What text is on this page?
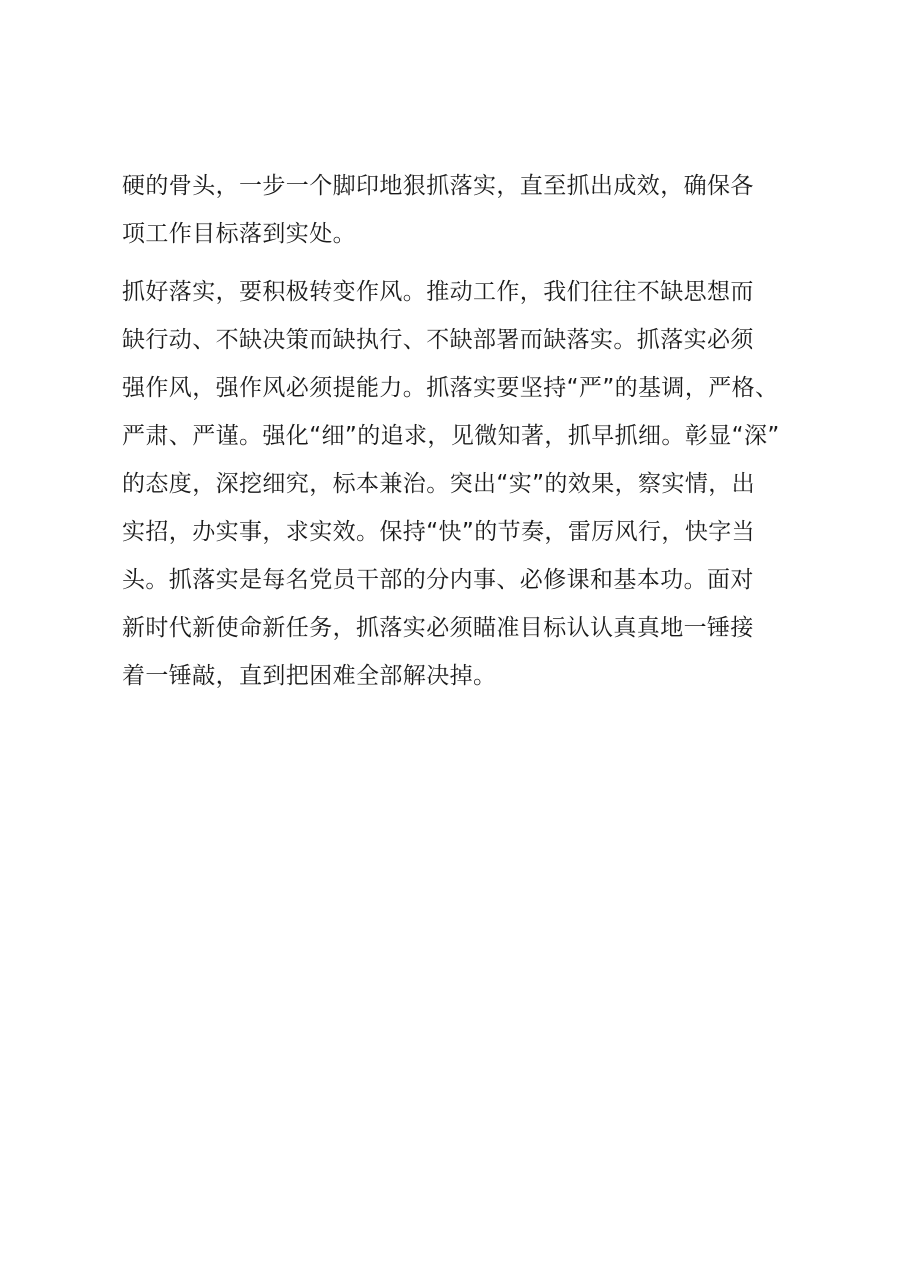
硬的骨头，一步一个脚印地狠抓落实，直至抓出成效，确保各
项工作目标落到实处。

抓好落实，要积极转变作风。推动工作，我们往往不缺思想而
缺行动、不缺决策而缺执行、不缺部署而缺落实。抓落实必须
强作风，强作风必须提能力。抓落实要坚持“严”的基调，严格、
严肃、严谨。强化“细”的追求，见微知著，抓早抓细。彰显“深”
的态度，深挖细究，标本兼治。突出“实”的效果，察实情，出
实招，办实事，求实效。保持“快”的节奏，雷厉风行，快字当
头。抓落实是每名党员干部的分内事、必修课和基本功。面对
新时代新使命新任务，抓落实必须瞄准目标认认真真地一锤接
着一锤敲，直到把困难全部解决掉。
